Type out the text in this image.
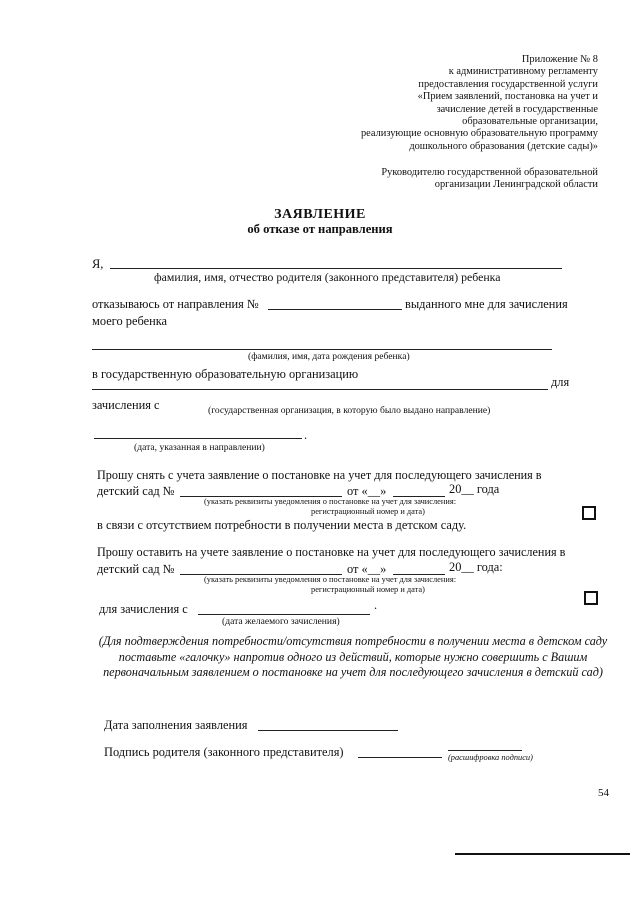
Приложение № 8
к административному регламенту
предоставления государственной услуги
«Прием заявлений, постановка на учет и
зачисление детей в государственные
образовательные организации,
реализующие основную образовательную программу
дошкольного образования (детские сады)»
Руководителю государственной образовательной
организации Ленинградской области
ЗАЯВЛЕНИЕ
об отказе от направления
Я,
фамилия, имя, отчество родителя (законного представителя) ребенка
отказываюсь от направления №	выданного мне для зачисления
моего ребенка
(фамилия, имя, дата рождения ребенка)
в государственную образовательную организацию
для
зачисления с	(государственная организация, в которую было выдано направление)
.
(дата, указанная в направлении)
Прошу снять с учета заявление о постановке на учет для последующего зачисления в
детский сад №	от «__»	20__ года
(указать реквизиты уведомления о постановке на учет для зачисления:
регистрационный номер и дата)
в связи с отсутствием потребности в получении места в детском саду.
Прошу оставить на учете заявление о постановке на учет для последующего зачисления в
детский сад №	от «__»	20__ года:
(указать реквизиты уведомления о постановке на учет для зачисления:
регистрационный номер и дата)
для зачисления с	.
(дата желаемого зачисления)
(Для подтверждения потребности/отсутствия потребности в получении места в детском саду поставьте «галочку» напротив одного из действий, которые нужно совершить с Вашим первоначальным заявлением о постановке на учет для последующего зачисления в детский сад)
Дата заполнения заявления
Подпись родителя (законного представителя)	(расшифровка подписи)
54
